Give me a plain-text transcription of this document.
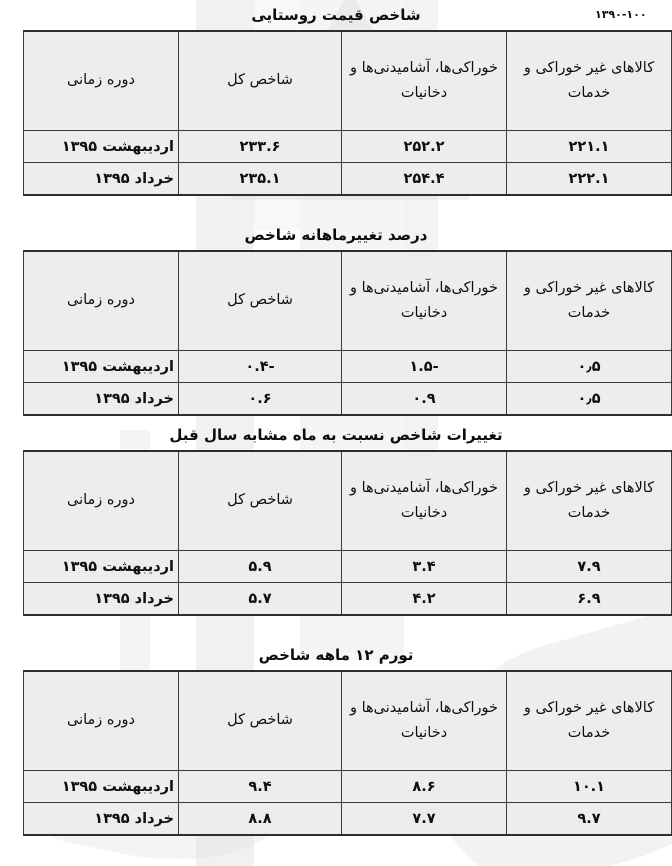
۱۳۹۰-۱۰۰
شاخص قیمت روستایی
کالاهای غیر خوراکی و خدمات	خوراکی‌ها، آشامیدنی‌ها و دخانیات	شاخص کل	دوره زمانی
۲۲۱.۱	۲۵۲.۲	۲۳۳.۶	اردیبهشت ۱۳۹۵
۲۲۲.۱	۲۵۴.۴	۲۳۵.۱	خرداد ۱۳۹۵
درصد تغییرماهانه شاخص
کالاهای غیر خوراکی و خدمات	خوراکی‌ها، آشامیدنی‌ها و دخانیات	شاخص کل	دوره زمانی
۰٫۵	-۱.۵	-۰.۴	اردیبهشت ۱۳۹۵
۰٫۵	۰.۹	۰.۶	خرداد ۱۳۹۵
تغییرات شاخص نسبت به ماه مشابه سال قبل
کالاهای غیر خوراکی و خدمات	خوراکی‌ها، آشامیدنی‌ها و دخانیات	شاخص کل	دوره زمانی
۷.۹	۳.۴	۵.۹	اردیبهشت ۱۳۹۵
۶.۹	۴.۲	۵.۷	خرداد ۱۳۹۵
تورم ۱۲ ماهه شاخص
کالاهای غیر خوراکی و خدمات	خوراکی‌ها، آشامیدنی‌ها و دخانیات	شاخص کل	دوره زمانی
۱۰.۱	۸.۶	۹.۴	اردیبهشت ۱۳۹۵
۹.۷	۷.۷	۸.۸	خرداد ۱۳۹۵
